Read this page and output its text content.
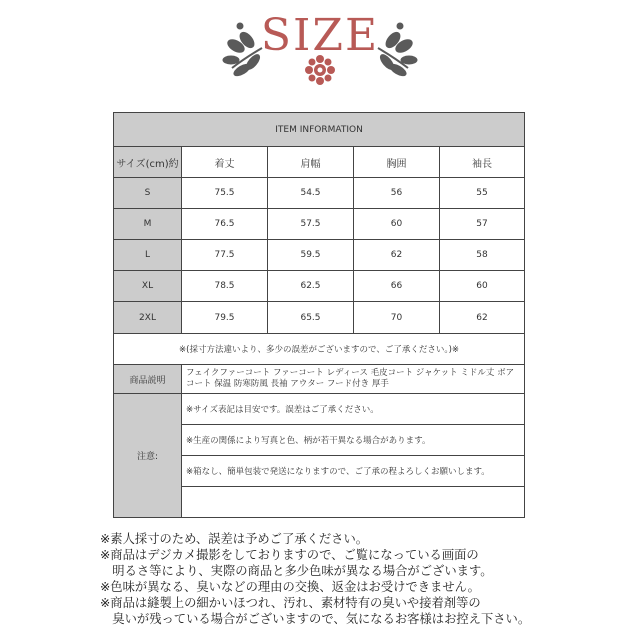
SIZE
ITEM INFORMATION				
サイズ(cm)約	着丈	肩幅	胸囲	袖長
S	75.5	54.5	56	55
M	76.5	57.5	60	57
L	77.5	59.5	62	58
XL	78.5	62.5	66	60
2XL	79.5	65.5	70	62
※(採寸方法違いより、多少の誤差がございますので、ご了承ください。)※				
商品説明	フェイクファーコート ファーコート レディース 毛皮コート ジャケット ミドル丈 ボアコート 保温 防寒防風 長袖 アウター フード付き 厚手			
注意:	※サイズ表記は目安です。誤差はご了承ください。			
	※生産の関係により写真と色、柄が若干異なる場合があります。			
	※箱なし、簡単包装で発送になりますので、ご了承の程よろしくお願いします。			

※素人採寸のため、誤差は予めご了承ください。
※商品はデジカメ撮影をしておりますので、ご覧になっている画面の
　明るさ等により、実際の商品と多少色味が異なる場合がございます。
※色味が異なる、臭いなどの理由の交換、返金はお受けできません。
※商品は縫製上の細かいほつれ、汚れ、素材特有の臭いや接着剤等の
　臭いが残っている場合がございますので、気になるお客様はお控え下さい。
